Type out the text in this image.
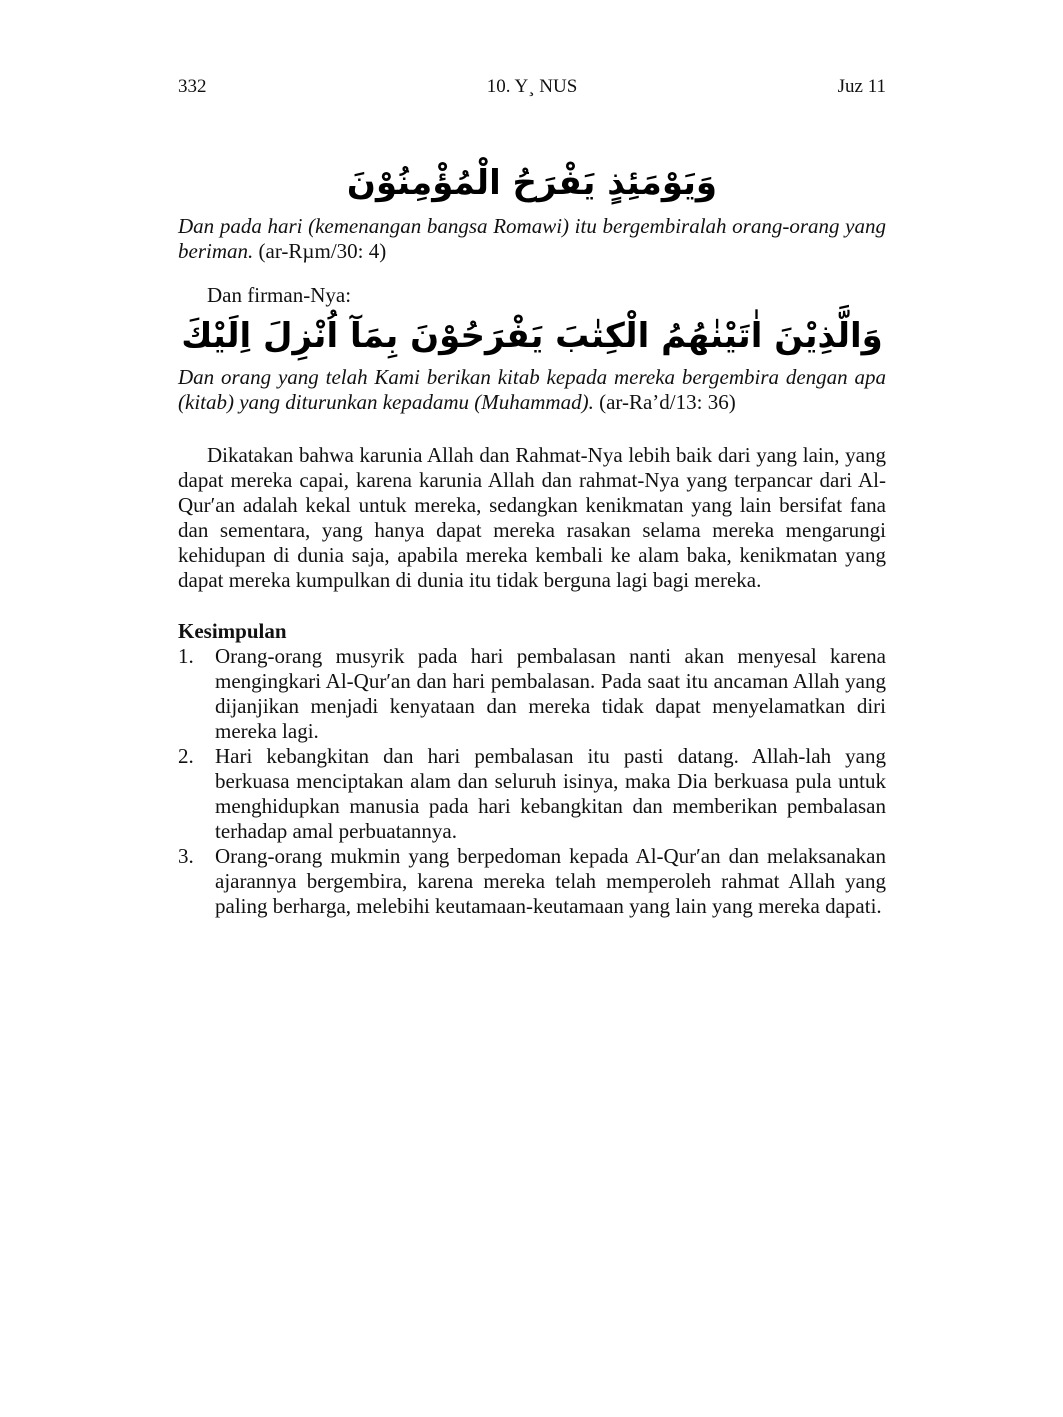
332	10. Y¸ NUS	Juz 11

وَيَوْمَئِذٍ يَفْرَحُ الْمُؤْمِنُوْنَ

Dan pada hari (kemenangan bangsa Romawi) itu bergembiralah orang-orang yang beriman. (ar-Rµm/30: 4)

Dan firman-Nya:

وَالَّذِيْنَ اٰتَيْنٰهُمُ الْكِتٰبَ يَفْرَحُوْنَ بِمَآ اُنْزِلَ اِلَيْكَ

Dan orang yang telah Kami berikan kitab kepada mereka bergembira dengan apa (kitab) yang diturunkan kepadamu (Muhammad). (ar-Ra’d/13: 36)

Dikatakan bahwa karunia Allah dan Rahmat-Nya lebih baik dari yang lain, yang dapat mereka capai, karena karunia Allah dan rahmat-Nya yang terpancar dari Al-Qur′an adalah kekal untuk mereka, sedangkan kenikmatan yang lain bersifat fana dan sementara, yang hanya dapat mereka rasakan selama mereka mengarungi kehidupan di dunia saja, apabila mereka kembali ke alam baka, kenikmatan yang dapat mereka kumpulkan di dunia itu tidak berguna lagi bagi mereka.

Kesimpulan

1. Orang-orang musyrik pada hari pembalasan nanti akan menyesal karena mengingkari Al-Qur′an dan hari pembalasan. Pada saat itu ancaman Allah yang dijanjikan menjadi kenyataan dan mereka tidak dapat menyelamatkan diri mereka lagi.
2. Hari kebangkitan dan hari pembalasan itu pasti datang. Allah-lah yang berkuasa menciptakan alam dan seluruh isinya, maka Dia berkuasa pula untuk menghidupkan manusia pada hari kebangkitan dan memberikan pembalasan terhadap amal perbuatannya.
3. Orang-orang mukmin yang berpedoman kepada Al-Qur′an dan melaksanakan ajarannya bergembira, karena mereka telah memperoleh rahmat Allah yang paling berharga, melebihi keutamaan-keutamaan yang lain yang mereka dapati.
